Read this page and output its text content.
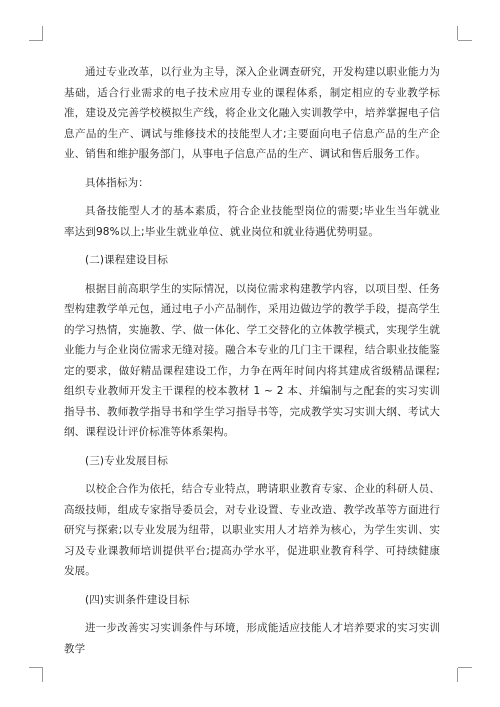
通过专业改革，以行业为主导，深入企业调查研究，开发构建以职业能力为基础，适合行业需求的电子技术应用专业的课程体系，制定相应的专业教学标准，建设及完善学校模拟生产线，将企业文化融入实训教学中，培养掌握电子信息产品的生产、调试与维修技术的技能型人才;主要面向电子信息产品的生产企业、销售和维护服务部门，从事电子信息产品的生产、调试和售后服务工作。

具体指标为：

具备技能型人才的基本素质，符合企业技能型岗位的需要;毕业生当年就业率达到98%以上;毕业生就业单位、就业岗位和就业待遇优势明显。

(二)课程建设目标

根据目前高职学生的实际情况，以岗位需求构建教学内容，以项目型、任务型构建教学单元包，通过电子小产品制作，采用边做边学的教学手段，提高学生的学习热情，实施教、学、做一体化、学工交替化的立体教学模式，实现学生就业能力与企业岗位需求无缝对接。融合本专业的几门主干课程，结合职业技能鉴定的要求，做好精品课程建设工作，力争在两年时间内将其建成省级精品课程;组织专业教师开发主干课程的校本教材 1 ~ 2 本、并编制与之配套的实习实训指导书、教师教学指导书和学生学习指导书等，完成教学实习实训大纲、考试大纲、课程设计评价标准等体系架构。

(三)专业发展目标

以校企合作为依托，结合专业特点，聘请职业教育专家、企业的科研人员、高级技师，组成专家指导委员会，对专业设置、专业改造、教学改革等方面进行研究与探索;以专业发展为纽带，以职业实用人才培养为核心，为学生实训、实习及专业课教师培训提供平台;提高办学水平，促进职业教育科学、可持续健康发展。

(四)实训条件建设目标

进一步改善实习实训条件与环境，形成能适应技能人才培养要求的实习实训教学
